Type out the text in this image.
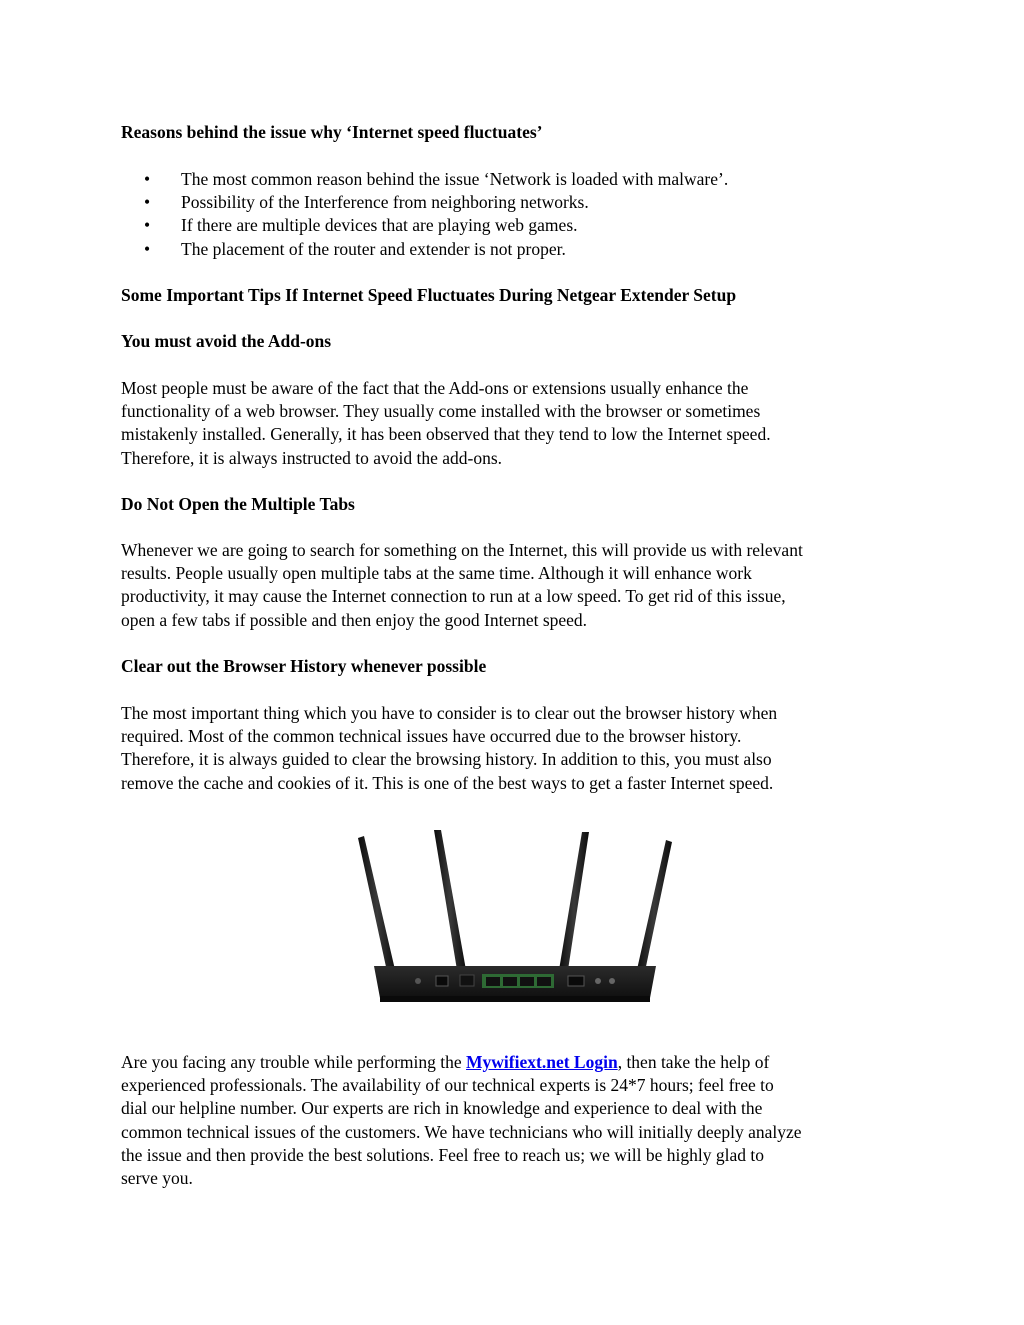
Reasons behind the issue why ‘Internet speed fluctuates’
• The most common reason behind the issue ‘Network is loaded with malware’.
• Possibility of the Interference from neighboring networks.
• If there are multiple devices that are playing web games.
• The placement of the router and extender is not proper.
Some Important Tips If Internet Speed Fluctuates During Netgear Extender Setup
You must avoid the Add-ons
Most people must be aware of the fact that the Add-ons or extensions usually enhance the
functionality of a web browser. They usually come installed with the browser or sometimes
mistakenly installed. Generally, it has been observed that they tend to low the Internet speed.
Therefore, it is always instructed to avoid the add-ons.
Do Not Open the Multiple Tabs
Whenever we are going to search for something on the Internet, this will provide us with relevant
results. People usually open multiple tabs at the same time. Although it will enhance work
productivity, it may cause the Internet connection to run at a low speed. To get rid of this issue,
open a few tabs if possible and then enjoy the good Internet speed.
Clear out the Browser History whenever possible
The most important thing which you have to consider is to clear out the browser history when
required. Most of the common technical issues have occurred due to the browser history.
Therefore, it is always guided to clear the browsing history. In addition to this, you must also
remove the cache and cookies of it. This is one of the best ways to get a faster Internet speed.
Are you facing any trouble while performing the Mywifiext.net Login, then take the help of
experienced professionals. The availability of our technical experts is 24*7 hours; feel free to
dial our helpline number. Our experts are rich in knowledge and experience to deal with the
common technical issues of the customers. We have technicians who will initially deeply analyze
the issue and then provide the best solutions. Feel free to reach us; we will be highly glad to
serve you.
